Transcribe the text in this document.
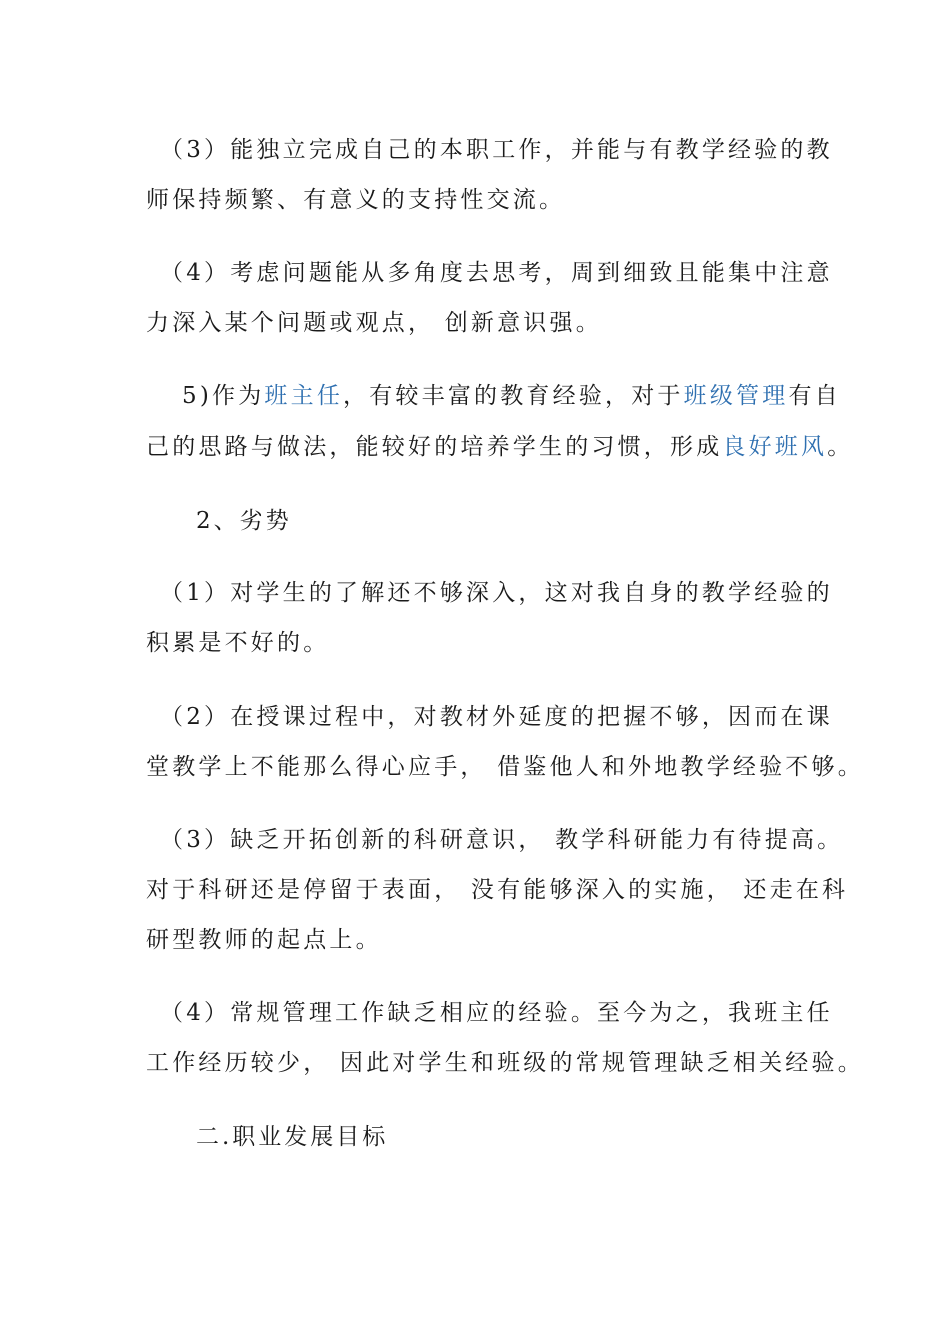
（3）能独立完成自己的本职工作，并能与有教学经验的教
师保持频繁、有意义的支持性交流。
（4）考虑问题能从多角度去思考，周到细致且能集中注意
力深入某个问题或观点， 创新意识强。
5)作为班主任，有较丰富的教育经验，对于班级管理有自
己的思路与做法，能较好的培养学生的习惯，形成良好班风。
2、劣势
（1）对学生的了解还不够深入，这对我自身的教学经验的
积累是不好的。
（2）在授课过程中，对教材外延度的把握不够，因而在课
堂教学上不能那么得心应手， 借鉴他人和外地教学经验不够。
（3）缺乏开拓创新的科研意识， 教学科研能力有待提高。
对于科研还是停留于表面， 没有能够深入的实施， 还走在科
研型教师的起点上。
（4）常规管理工作缺乏相应的经验。至今为之，我班主任
工作经历较少， 因此对学生和班级的常规管理缺乏相关经验。
二.职业发展目标
